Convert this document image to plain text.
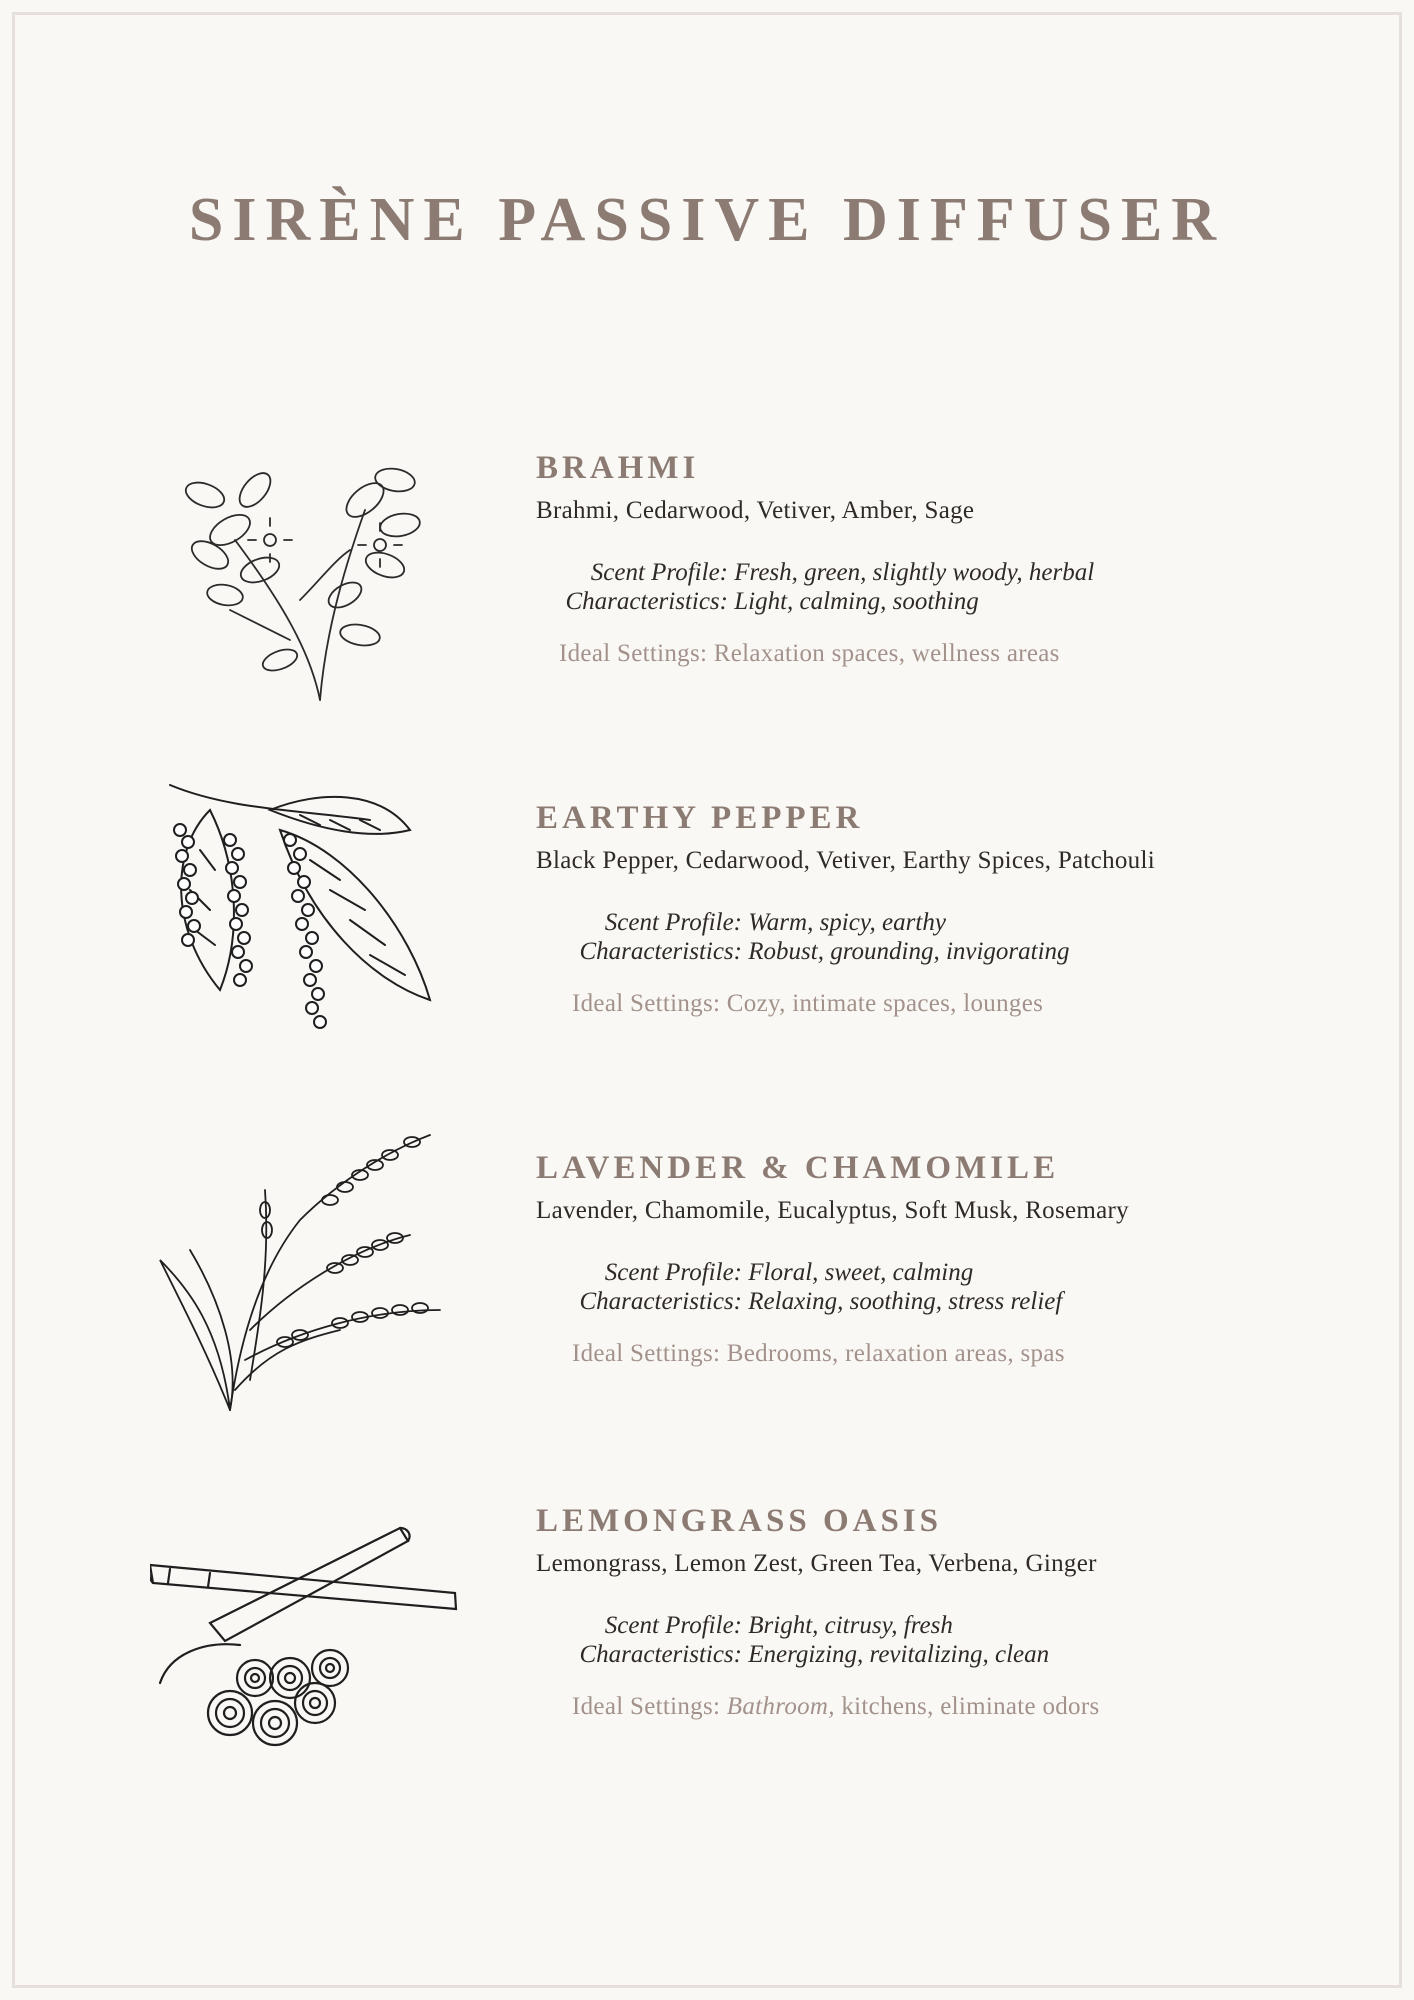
SIRÈNE PASSIVE DIFFUSER
BRAHMI
Brahmi, Cedarwood, Vetiver, Amber, Sage
Scent Profile: Fresh, green, slightly woody, herbal
Characteristics: Light, calming, soothing
Ideal Settings: Relaxation spaces, wellness areas
EARTHY PEPPER
Black Pepper, Cedarwood, Vetiver, Earthy Spices, Patchouli
Scent Profile: Warm, spicy, earthy
Characteristics: Robust, grounding, invigorating
Ideal Settings: Cozy, intimate spaces, lounges
LAVENDER & CHAMOMILE
Lavender, Chamomile, Eucalyptus, Soft Musk, Rosemary
Scent Profile: Floral, sweet, calming
Characteristics: Relaxing, soothing, stress relief
Ideal Settings: Bedrooms, relaxation areas, spas
LEMONGRASS OASIS
Lemongrass, Lemon Zest, Green Tea, Verbena, Ginger
Scent Profile: Bright, citrusy, fresh
Characteristics: Energizing, revitalizing, clean
Ideal Settings: Bathroom, kitchens, eliminate odors
